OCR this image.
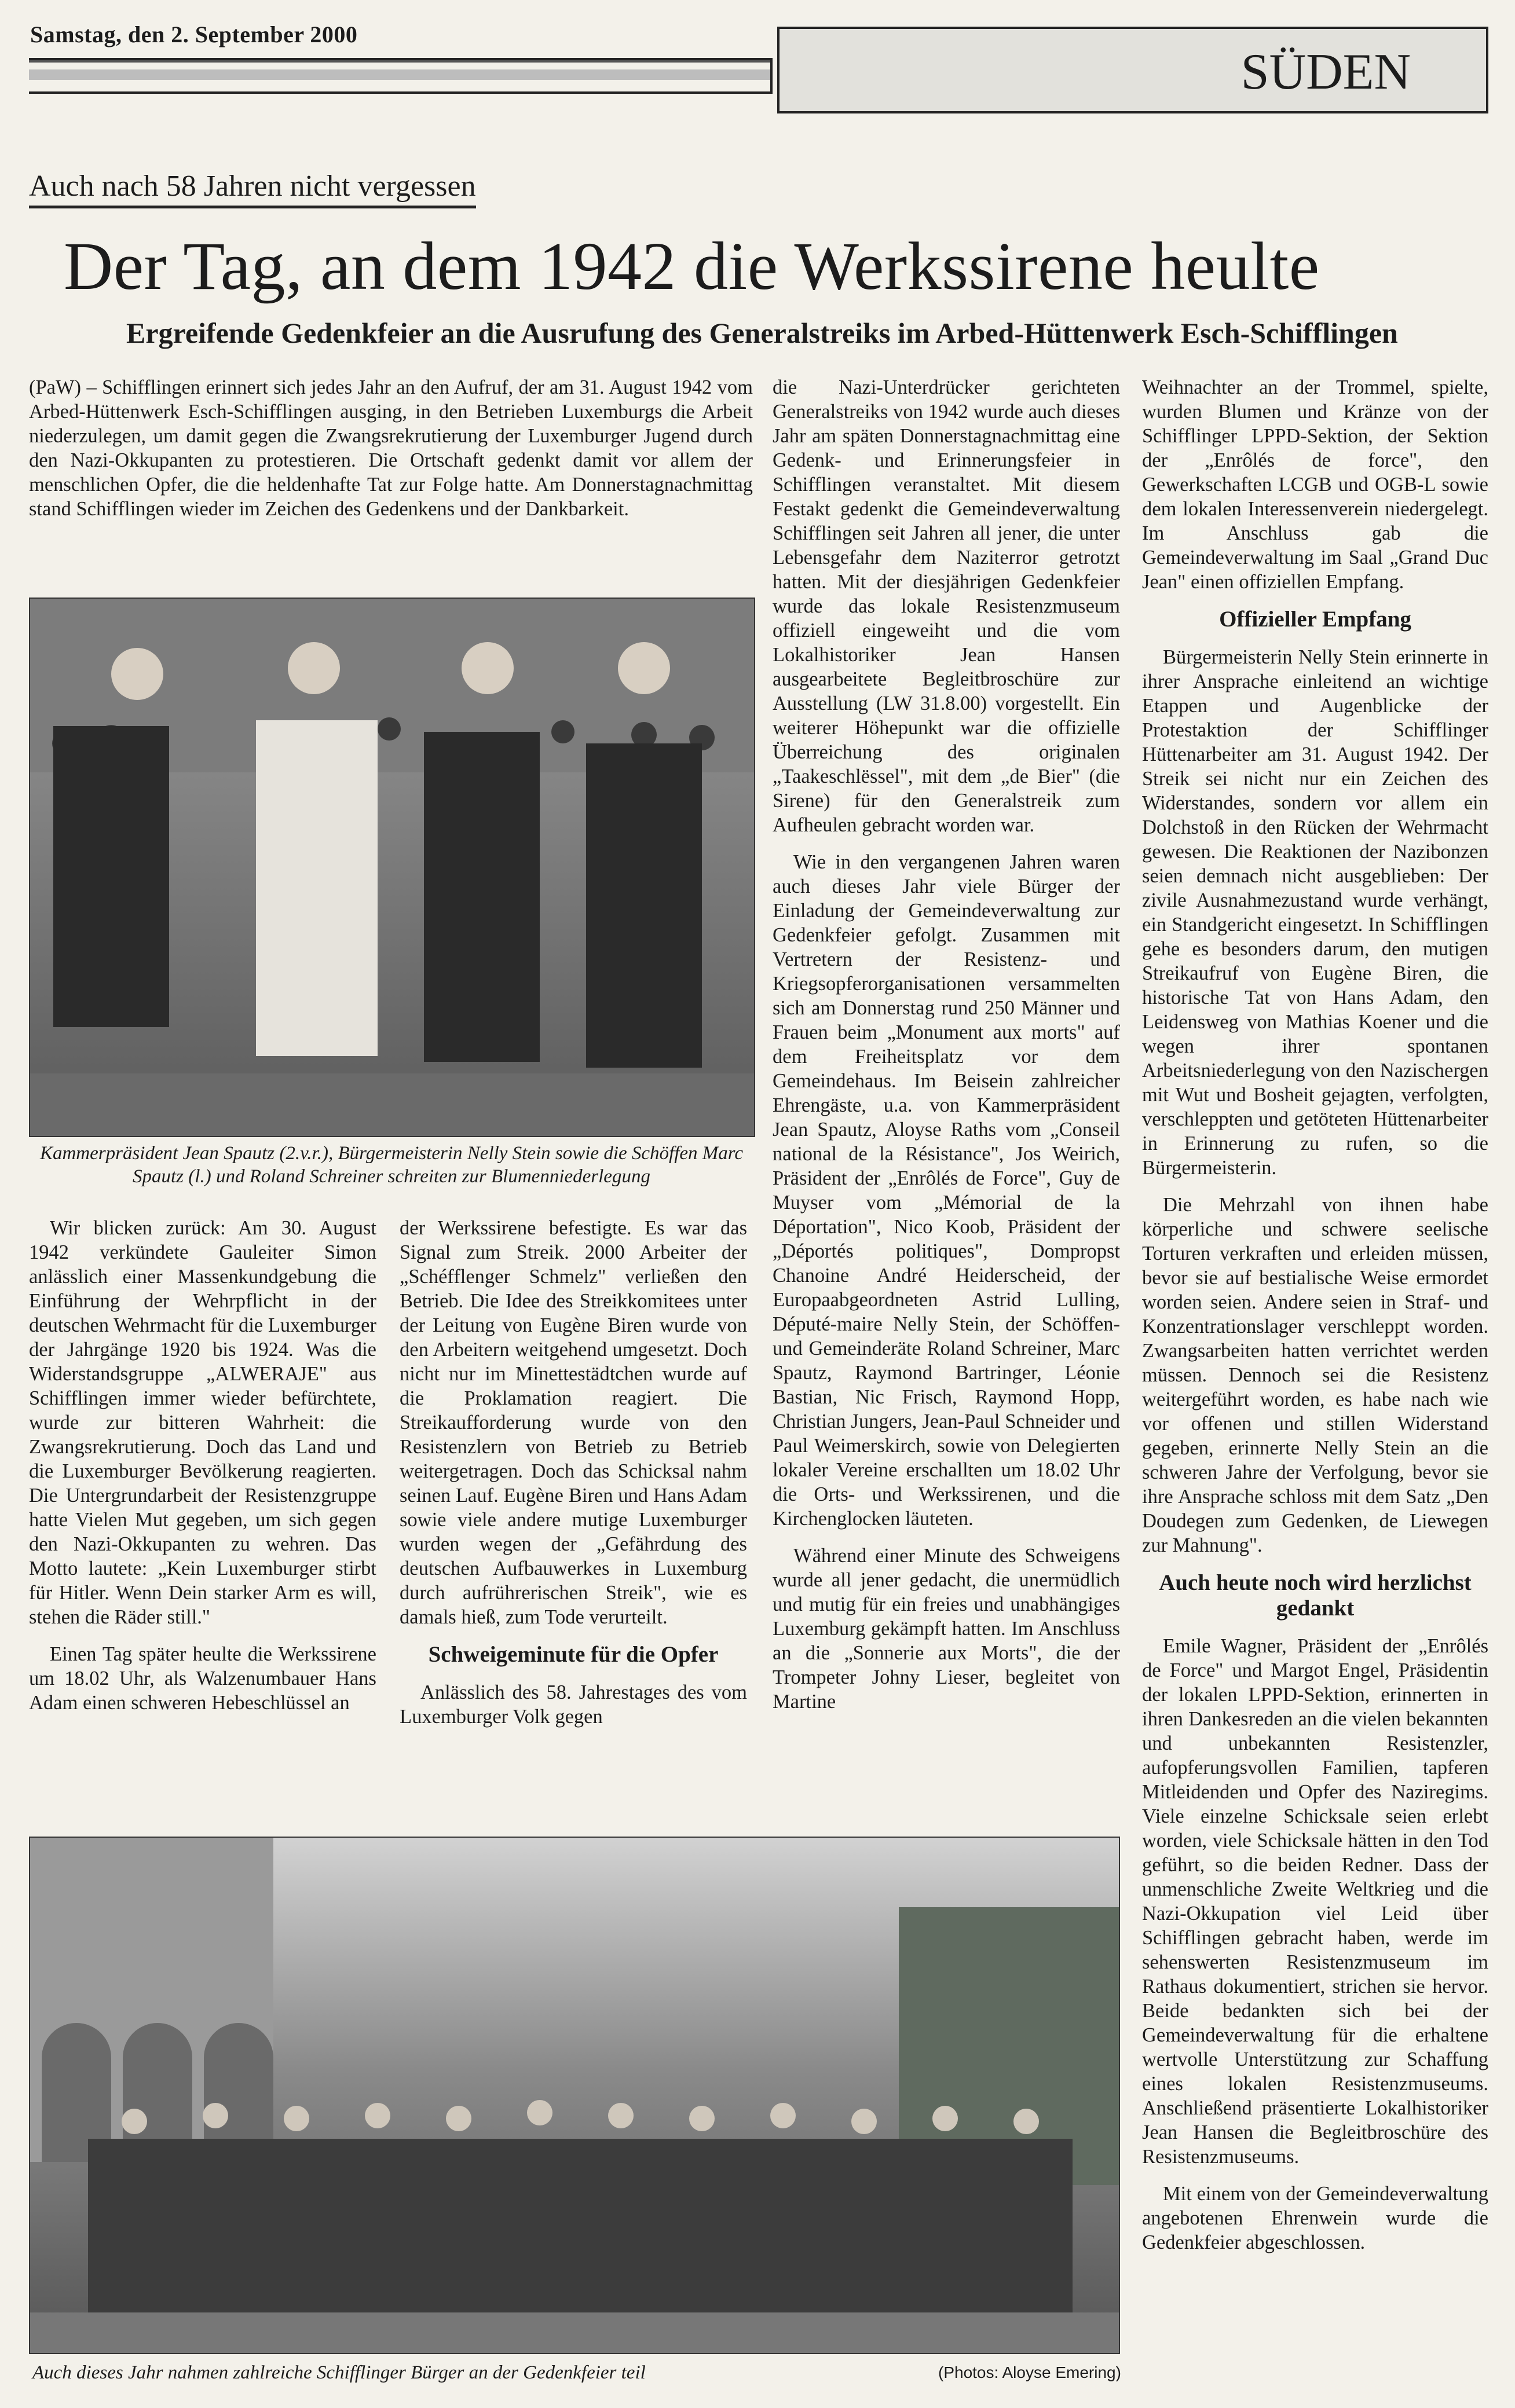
Samstag, den 2. September 2000
SÜDEN
Auch nach 58 Jahren nicht vergessen
Der Tag, an dem 1942 die Werkssirene heulte
Ergreifende Gedenkfeier an die Ausrufung des Generalstreiks im Arbed-Hüttenwerk Esch-Schifflingen

(PaW) – Schifflingen erinnert sich jedes Jahr an den Aufruf, der am 31. August 1942 vom Arbed-Hüttenwerk Esch-Schifflingen ausging, in den Betrieben Luxemburgs die Arbeit niederzulegen, um damit gegen die Zwangsrekrutierung der Luxemburger Jugend durch den Nazi-Okkupanten zu protestieren. Die Ortschaft gedenkt damit vor allem der menschlichen Opfer, die die heldenhafte Tat zur Folge hatte. Am Donnerstagnachmittag stand Schifflingen wieder im Zeichen des Gedenkens und der Dankbarkeit.

Kammerpräsident Jean Spautz (2.v.r.), Bürgermeisterin Nelly Stein sowie die Schöffen Marc Spautz (l.) und Roland Schreiner schreiten zur Blumenniederlegung

Wir blicken zurück: Am 30. August 1942 verkündete Gauleiter Simon anlässlich einer Massenkundgebung die Einführung der Wehrpflicht in der deutschen Wehrmacht für die Luxemburger der Jahrgänge 1920 bis 1924. Was die Widerstandsgruppe „ALWERAJE" aus Schifflingen immer wieder befürchtete, wurde zur bitteren Wahrheit: die Zwangsrekrutierung. Doch das Land und die Luxemburger Bevölkerung reagierten. Die Untergrundarbeit der Resistenzgruppe hatte Vielen Mut gegeben, um sich gegen den Nazi-Okkupanten zu wehren. Das Motto lautete: „Kein Luxemburger stirbt für Hitler. Wenn Dein starker Arm es will, stehen die Räder still."

Einen Tag später heulte die Werkssirene um 18.02 Uhr, als Walzenumbauer Hans Adam einen schweren Hebeschlüssel an

der Werkssirene befestigte. Es war das Signal zum Streik. 2000 Arbeiter der „Schéfflenger Schmelz" verließen den Betrieb. Die Idee des Streikkomitees unter der Leitung von Eugène Biren wurde von den Arbeitern weitgehend umgesetzt. Doch nicht nur im Minettestädtchen wurde auf die Proklamation reagiert. Die Streikaufforderung wurde von den Resistenzlern von Betrieb zu Betrieb weitergetragen. Doch das Schicksal nahm seinen Lauf. Eugène Biren und Hans Adam sowie viele andere mutige Luxemburger wurden wegen der „Gefährdung des deutschen Aufbauwerkes in Luxemburg durch aufrührerischen Streik", wie es damals hieß, zum Tode verurteilt.

Schweigeminute für die Opfer

Anlässlich des 58. Jahrestages des vom Luxemburger Volk gegen

die Nazi-Unterdrücker gerichteten Generalstreiks von 1942 wurde auch dieses Jahr am späten Donnerstagnachmittag eine Gedenk- und Erinnerungsfeier in Schifflingen veranstaltet. Mit diesem Festakt gedenkt die Gemeindeverwaltung Schifflingen seit Jahren all jener, die unter Lebensgefahr dem Naziterror getrotzt hatten. Mit der diesjährigen Gedenkfeier wurde das lokale Resistenzmuseum offiziell eingeweiht und die vom Lokalhistoriker Jean Hansen ausgearbeitete Begleitbroschüre zur Ausstellung (LW 31.8.00) vorgestellt. Ein weiterer Höhepunkt war die offizielle Überreichung des originalen „Taakeschlëssel", mit dem „de Bier" (die Sirene) für den Generalstreik zum Aufheulen gebracht worden war.

Wie in den vergangenen Jahren waren auch dieses Jahr viele Bürger der Einladung der Gemeindeverwaltung zur Gedenkfeier gefolgt. Zusammen mit Vertretern der Resistenz- und Kriegsopferorganisationen versammelten sich am Donnerstag rund 250 Männer und Frauen beim „Monument aux morts" auf dem Freiheitsplatz vor dem Gemeindehaus. Im Beisein zahlreicher Ehrengäste, u.a. von Kammerpräsident Jean Spautz, Aloyse Raths vom „Conseil national de la Résistance", Jos Weirich, Präsident der „Enrôlés de Force", Guy de Muyser vom „Mémorial de la Déportation", Nico Koob, Präsident der „Déportés politiques", Dompropst Chanoine André Heiderscheid, der Europaabgeordneten Astrid Lulling, Député-maire Nelly Stein, der Schöffen- und Gemeinderäte Roland Schreiner, Marc Spautz, Raymond Bartringer, Léonie Bastian, Nic Frisch, Raymond Hopp, Christian Jungers, Jean-Paul Schneider und Paul Weimerskirch, sowie von Delegierten lokaler Vereine erschallten um 18.02 Uhr die Orts- und Werkssirenen, und die Kirchenglocken läuteten.

Während einer Minute des Schweigens wurde all jener gedacht, die unermüdlich und mutig für ein freies und unabhängiges Luxemburg gekämpft hatten. Im Anschluss an die „Sonnerie aux Morts", die der Trompeter Johny Lieser, begleitet von Martine

Weihnachter an der Trommel, spielte, wurden Blumen und Kränze von der Schifflinger LPPD-Sektion, der Sektion der „Enrôlés de force", den Gewerkschaften LCGB und OGB-L sowie dem lokalen Interessenverein niedergelegt. Im Anschluss gab die Gemeindeverwaltung im Saal „Grand Duc Jean" einen offiziellen Empfang.

Offizieller Empfang

Bürgermeisterin Nelly Stein erinnerte in ihrer Ansprache einleitend an wichtige Etappen und Augenblicke der Protestaktion der Schifflinger Hüttenarbeiter am 31. August 1942. Der Streik sei nicht nur ein Zeichen des Widerstandes, sondern vor allem ein Dolchstoß in den Rücken der Wehrmacht gewesen. Die Reaktionen der Nazibonzen seien demnach nicht ausgeblieben: Der zivile Ausnahmezustand wurde verhängt, ein Standgericht eingesetzt. In Schifflingen gehe es besonders darum, den mutigen Streikaufruf von Eugène Biren, die historische Tat von Hans Adam, den Leidensweg von Mathias Koener und die wegen ihrer spontanen Arbeitsniederlegung von den Nazischergen mit Wut und Bosheit gejagten, verfolgten, verschleppten und getöteten Hüttenarbeiter in Erinnerung zu rufen, so die Bürgermeisterin.

Die Mehrzahl von ihnen habe körperliche und schwere seelische Torturen verkraften und erleiden müssen, bevor sie auf bestialische Weise ermordet worden seien. Andere seien in Straf- und Konzentrationslager verschleppt worden. Zwangsarbeiten hatten verrichtet werden müssen. Dennoch sei die Resistenz weitergeführt worden, es habe nach wie vor offenen und stillen Widerstand gegeben, erinnerte Nelly Stein an die schweren Jahre der Verfolgung, bevor sie ihre Ansprache schloss mit dem Satz „Den Doudegen zum Gedenken, de Liewegen zur Mahnung".

Auch heute noch wird herzlichst gedankt

Emile Wagner, Präsident der „Enrôlés de Force" und Margot Engel, Präsidentin der lokalen LPPD-Sektion, erinnerten in ihren Dankesreden an die vielen bekannten und unbekannten Resistenzler, aufopferungsvollen Familien, tapferen Mitleidenden und Opfer des Naziregims. Viele einzelne Schicksale seien erlebt worden, viele Schicksale hätten in den Tod geführt, so die beiden Redner. Dass der unmenschliche Zweite Weltkrieg und die Nazi-Okkupation viel Leid über Schifflingen gebracht haben, werde im sehenswerten Resistenzmuseum im Rathaus dokumentiert, strichen sie hervor. Beide bedankten sich bei der Gemeindeverwaltung für die erhaltene wertvolle Unterstützung zur Schaffung eines lokalen Resistenzmuseums. Anschließend präsentierte Lokalhistoriker Jean Hansen die Begleitbroschüre des Resistenzmuseums.

Mit einem von der Gemeindeverwaltung angebotenen Ehrenwein wurde die Gedenkfeier abgeschlossen.

Auch dieses Jahr nahmen zahlreiche Schifflinger Bürger an der Gedenkfeier teil	(Photos: Aloyse Emering)
